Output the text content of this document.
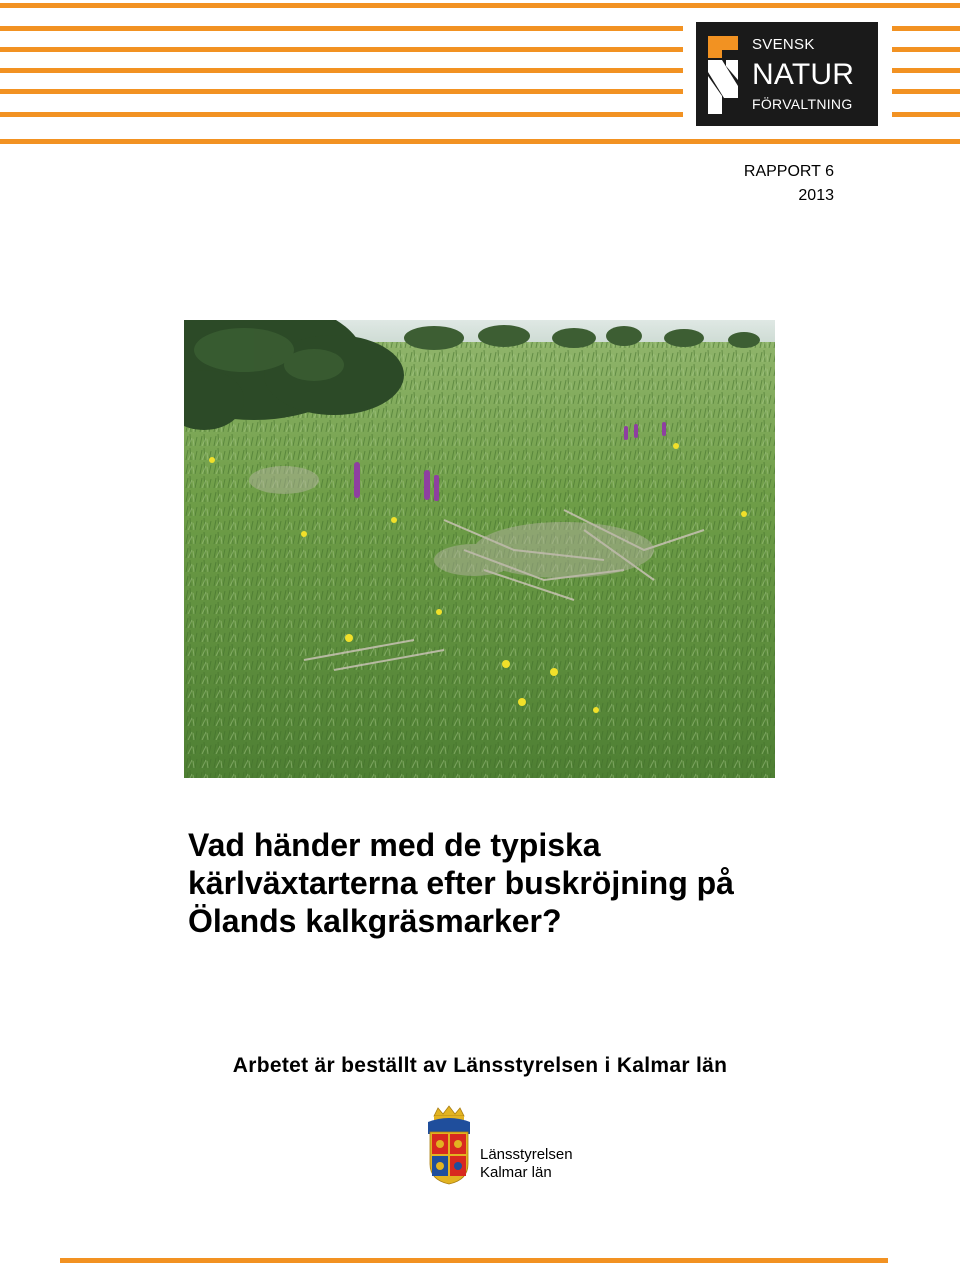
SVENSK
NATUR
FÖRVALTNING
RAPPORT 6
2013
Vad händer med de typiska
kärlväxtarterna efter buskröjning på
Ölands kalkgräsmarker?
Arbetet är beställt av Länsstyrelsen i Kalmar län
Länsstyrelsen
Kalmar län
